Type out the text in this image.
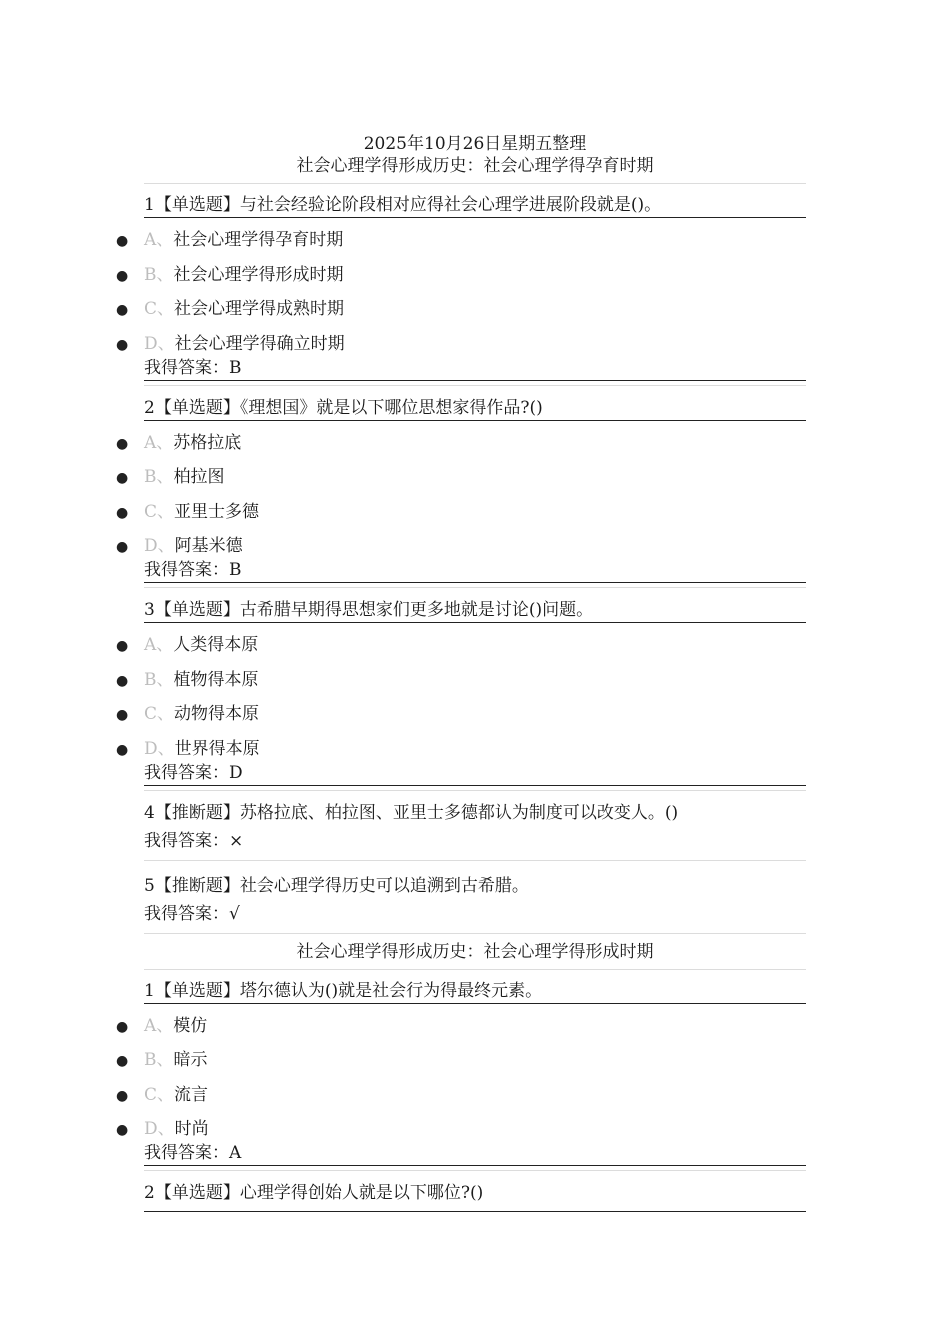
2025年10月26日星期五整理
社会心理学得形成历史：社会心理学得孕育时期
1【单选题】与社会经验论阶段相对应得社会心理学进展阶段就是()。
● A、社会心理学得孕育时期
● B、社会心理学得形成时期
● C、社会心理学得成熟时期
● D、社会心理学得确立时期
我得答案：B
2【单选题】《理想国》就是以下哪位思想家得作品?()
● A、苏格拉底
● B、柏拉图
● C、亚里士多德
● D、阿基米德
我得答案：B
3【单选题】古希腊早期得思想家们更多地就是讨论()问题。
● A、人类得本原
● B、植物得本原
● C、动物得本原
● D、世界得本原
我得答案：D
4【推断题】苏格拉底、柏拉图、亚里士多德都认为制度可以改变人。()
我得答案：×
5【推断题】社会心理学得历史可以追溯到古希腊。
我得答案：√
社会心理学得形成历史：社会心理学得形成时期
1【单选题】塔尔德认为()就是社会行为得最终元素。
● A、模仿
● B、暗示
● C、流言
● D、时尚
我得答案：A
2【单选题】心理学得创始人就是以下哪位?()
